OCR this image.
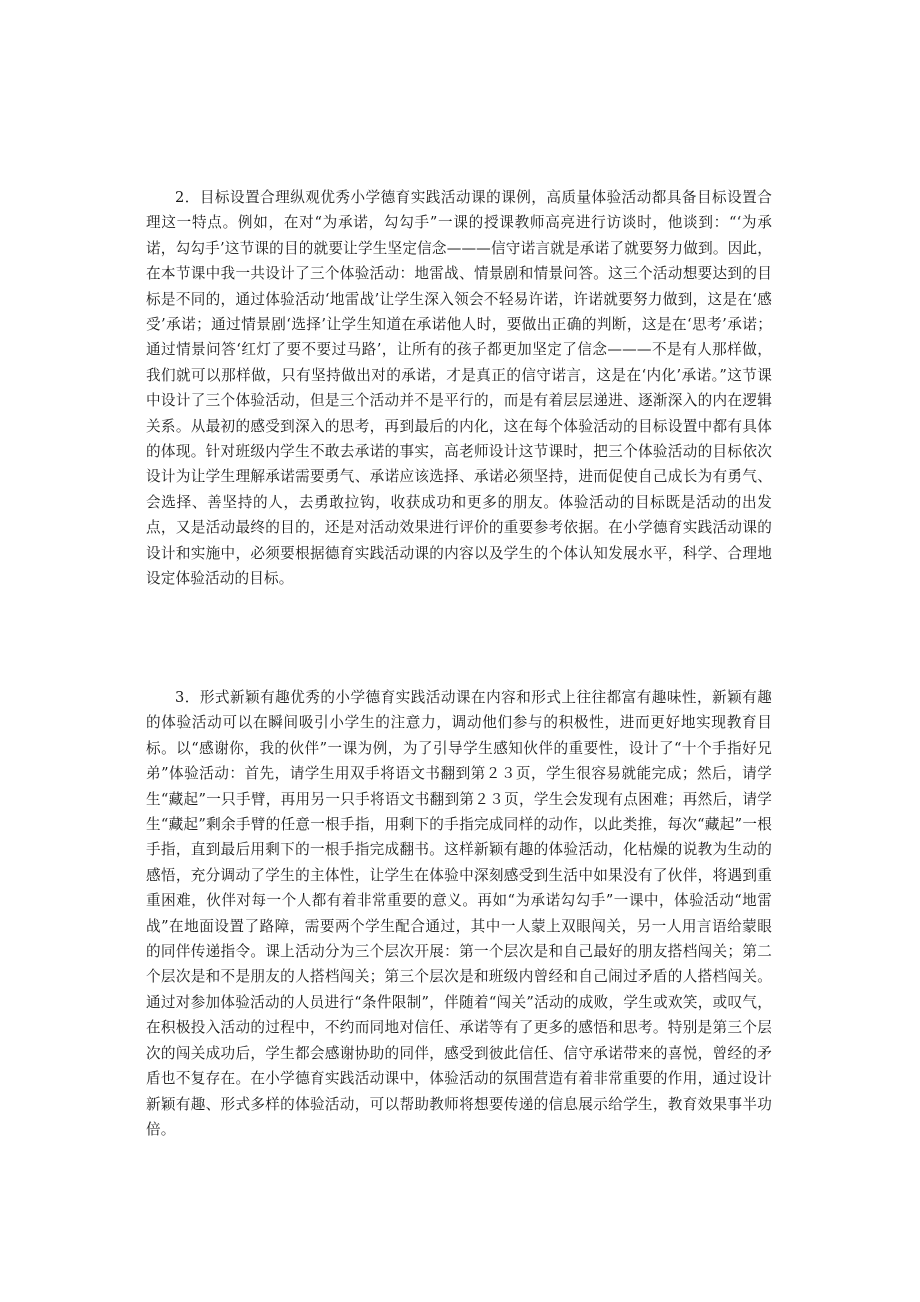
2．目标设置合理纵观优秀小学德育实践活动课的课例，高质量体验活动都具备目标设置合理这一特点。例如，在对“为承诺，勾勾手”一课的授课教师高亮进行访谈时，他谈到：“‘为承诺，勾勾手’这节课的目的就要让学生坚定信念———信守诺言就是承诺了就要努力做到。因此，在本节课中我一共设计了三个体验活动：地雷战、情景剧和情景问答。这三个活动想要达到的目标是不同的，通过体验活动‘地雷战’让学生深入领会不轻易许诺，许诺就要努力做到，这是在‘感受’承诺；通过情景剧‘选择’让学生知道在承诺他人时，要做出正确的判断，这是在‘思考’承诺；通过情景问答‘红灯了要不要过马路’，让所有的孩子都更加坚定了信念———不是有人那样做，我们就可以那样做，只有坚持做出对的承诺，才是真正的信守诺言，这是在‘内化’承诺。”这节课中设计了三个体验活动，但是三个活动并不是平行的，而是有着层层递进、逐渐深入的内在逻辑关系。从最初的感受到深入的思考，再到最后的内化，这在每个体验活动的目标设置中都有具体的体现。针对班级内学生不敢去承诺的事实，高老师设计这节课时，把三个体验活动的目标依次设计为让学生理解承诺需要勇气、承诺应该选择、承诺必须坚持，进而促使自己成长为有勇气、会选择、善坚持的人，去勇敢拉钩，收获成功和更多的朋友。体验活动的目标既是活动的出发点，又是活动最终的目的，还是对活动效果进行评价的重要参考依据。在小学德育实践活动课的设计和实施中，必须要根据德育实践活动课的内容以及学生的个体认知发展水平，科学、合理地设定体验活动的目标。

3．形式新颖有趣优秀的小学德育实践活动课在内容和形式上往往都富有趣味性，新颖有趣的体验活动可以在瞬间吸引小学生的注意力，调动他们参与的积极性，进而更好地实现教育目标。以“感谢你，我的伙伴”一课为例，为了引导学生感知伙伴的重要性，设计了“十个手指好兄弟”体验活动：首先，请学生用双手将语文书翻到第２３页，学生很容易就能完成；然后，请学生“藏起”一只手臂，再用另一只手将语文书翻到第２３页，学生会发现有点困难；再然后，请学生“藏起”剩余手臂的任意一根手指，用剩下的手指完成同样的动作，以此类推，每次“藏起”一根手指，直到最后用剩下的一根手指完成翻书。这样新颖有趣的体验活动，化枯燥的说教为生动的感悟，充分调动了学生的主体性，让学生在体验中深刻感受到生活中如果没有了伙伴，将遇到重重困难，伙伴对每一个人都有着非常重要的意义。再如“为承诺勾勾手”一课中，体验活动“地雷战”在地面设置了路障，需要两个学生配合通过，其中一人蒙上双眼闯关，另一人用言语给蒙眼的同伴传递指令。课上活动分为三个层次开展：第一个层次是和自己最好的朋友搭档闯关；第二个层次是和不是朋友的人搭档闯关；第三个层次是和班级内曾经和自己闹过矛盾的人搭档闯关。通过对参加体验活动的人员进行“条件限制”，伴随着“闯关”活动的成败，学生或欢笑，或叹气，在积极投入活动的过程中，不约而同地对信任、承诺等有了更多的感悟和思考。特别是第三个层次的闯关成功后，学生都会感谢协助的同伴，感受到彼此信任、信守承诺带来的喜悦，曾经的矛盾也不复存在。在小学德育实践活动课中，体验活动的氛围营造有着非常重要的作用，通过设计新颖有趣、形式多样的体验活动，可以帮助教师将想要传递的信息展示给学生，教育效果事半功倍。
